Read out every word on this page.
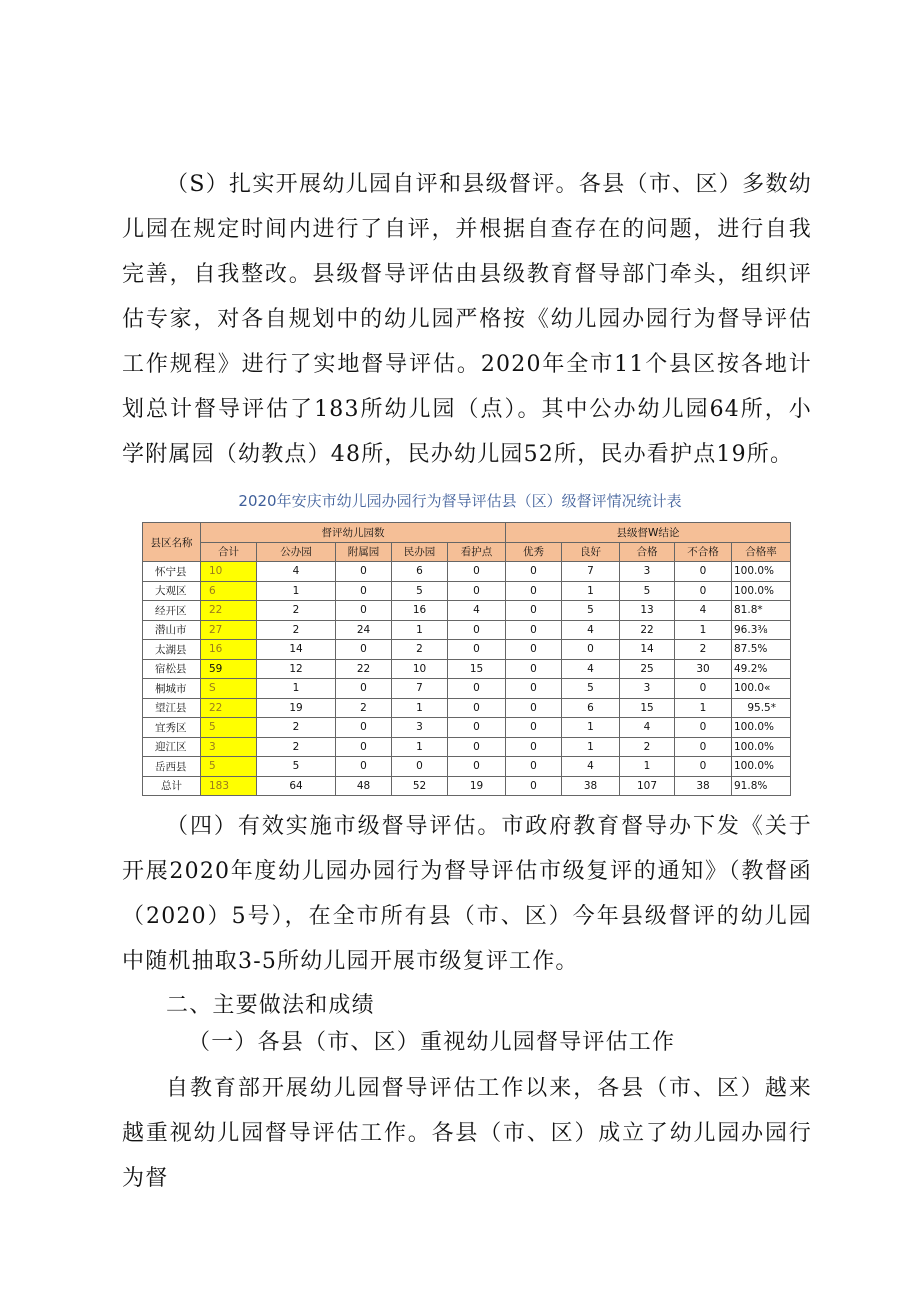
（S）扎实开展幼儿园自评和县级督评。各县（市、区）多数幼儿园在规定时间内进行了自评，并根据自查存在的问题，进行自我完善，自我整改。县级督导评估由县级教育督导部门牵头，组织评估专家，对各自规划中的幼儿园严格按《幼儿园办园行为督导评估工作规程》进行了实地督导评估。2020年全市11个县区按各地计划总计督导评估了183所幼儿园（点）。其中公办幼儿园64所，小学附属园（幼教点）48所，民办幼儿园52所，民办看护点19所。

2020年安庆市幼儿园办园行为督导评估县（区）级督评情况统计表
县区名称	督评幼儿园数					县级督W结论				
	合计	公办园	附属园	民办园	看护点	优秀	良好	合格	不合格	合格率
怀宁县	10	4	0	6	0	0	7	3	0	100.0%
大观区	6	1	0	5	0	0	1	5	0	100.0%
经开区	22	2	0	16	4	0	5	13	4	81.8*
潜山市	27	2	24	1	0	0	4	22	1	96.3⅜
太湖县	16	14	0	2	0	0	0	14	2	87.5%
宿松县	59	12	22	10	15	0	4	25	30	49.2%
桐城市	S	1	0	7	0	0	5	3	0	100.0«
望江县	22	19	2	1	0	0	6	15	1	95.5*
宜秀区	5	2	0	3	0	0	1	4	0	100.0%
迎江区	3	2	0	1	0	0	1	2	0	100.0%
岳西县	5	5	0	0	0	0	4	1	0	100.0%
总计	183	64	48	52	19	0	38	107	38	91.8%

（四）有效实施市级督导评估。市政府教育督导办下发《关于开展2020年度幼儿园办园行为督导评估市级复评的通知》（教督函（2020）5号），在全市所有县（市、区）今年县级督评的幼儿园中随机抽取3-5所幼儿园开展市级复评工作。

二、主要做法和成绩

（一）各县（市、区）重视幼儿园督导评估工作

自教育部开展幼儿园督导评估工作以来，各县（市、区）越来越重视幼儿园督导评估工作。各县（市、区）成立了幼儿园办园行为督
